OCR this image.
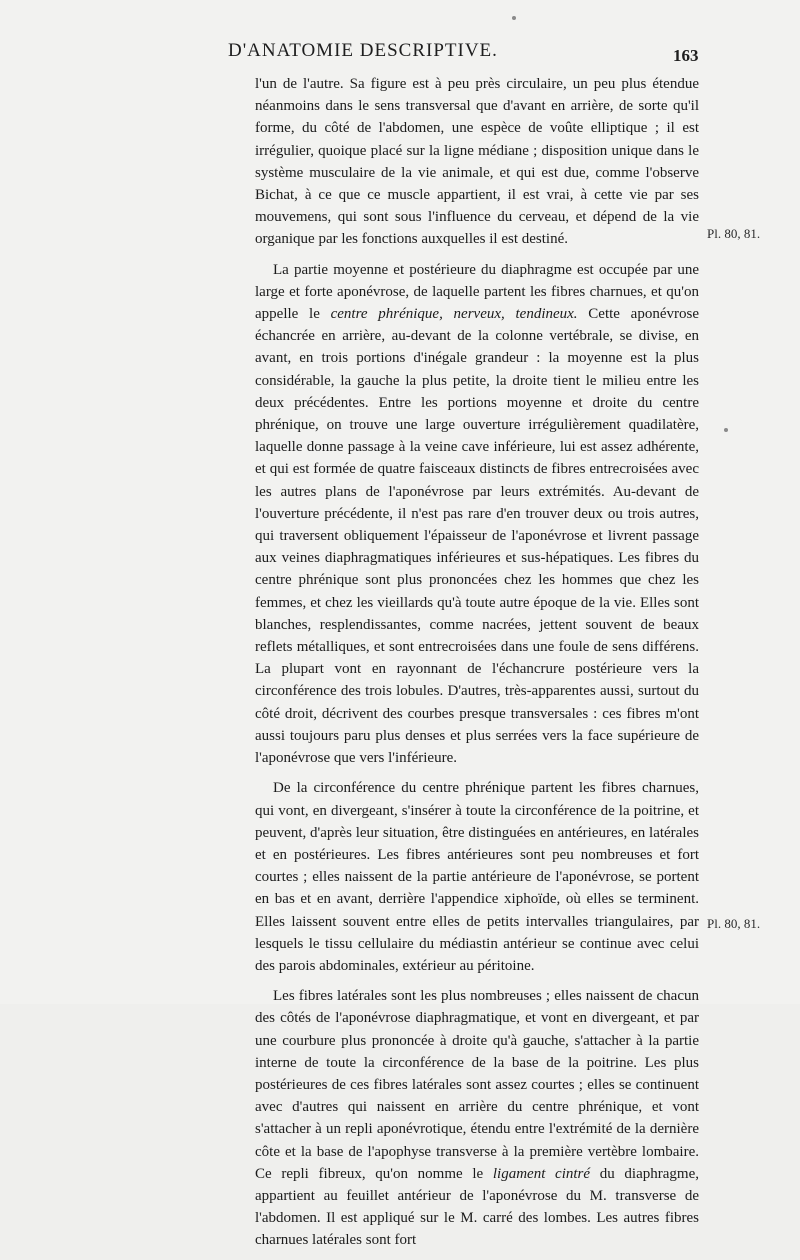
D'ANATOMIE DESCRIPTIVE.	163

l'un de l'autre. Sa figure est à peu près circulaire, un peu plus étendue néanmoins dans le sens transversal que d'avant en arrière, de sorte qu'il forme, du côté de l'abdomen, une espèce de voûte elliptique ; il est irrégulier, quoique placé sur la ligne médiane ; disposition unique dans le système musculaire de la vie animale, et qui est due, comme l'observe Bichat, à ce que ce muscle appartient, il est vrai, à cette vie par ses mouvemens, qui sont sous l'influence du cerveau, et dépend de la vie organique par les fonctions auxquelles il est destiné.

La partie moyenne et postérieure du diaphragme est occupée par une large et forte aponévrose, de laquelle partent les fibres charnues, et qu'on appelle le centre phrénique, nerveux, tendineux. Cette aponévrose échancrée en arrière, au-devant de la colonne vertébrale, se divise, en avant, en trois portions d'inégale grandeur : la moyenne est la plus considérable, la gauche la plus petite, la droite tient le milieu entre les deux précédentes. Entre les portions moyenne et droite du centre phrénique, on trouve une large ouverture irrégulièrement quadilatère, laquelle donne passage à la veine cave inférieure, lui est assez adhérente, et qui est formée de quatre faisceaux distincts de fibres entrecroisées avec les autres plans de l'aponévrose par leurs extrémités. Au-devant de l'ouverture précédente, il n'est pas rare d'en trouver deux ou trois autres, qui traversent obliquement l'épaisseur de l'aponévrose et livrent passage aux veines diaphragmatiques inférieures et sus-hépatiques. Les fibres du centre phrénique sont plus prononcées chez les hommes que chez les femmes, et chez les vieillards qu'à toute autre époque de la vie. Elles sont blanches, resplendissantes, comme nacrées, jettent souvent de beaux reflets métalliques, et sont entrecroisées dans une foule de sens différens. La plupart vont en rayonnant de l'échancrure postérieure vers la circonférence des trois lobules. D'autres, très-apparentes aussi, surtout du côté droit, décrivent des courbes presque transversales : ces fibres m'ont aussi toujours paru plus denses et plus serrées vers la face supérieure de l'aponévrose que vers l'inférieure.

De la circonférence du centre phrénique partent les fibres charnues, qui vont, en divergeant, s'insérer à toute la circonférence de la poitrine, et peuvent, d'après leur situation, être distinguées en antérieures, en latérales et en postérieures. Les fibres antérieures sont peu nombreuses et fort courtes ; elles naissent de la partie antérieure de l'aponévrose, se portent en bas et en avant, derrière l'appendice xiphoïde, où elles se terminent. Elles laissent souvent entre elles de petits intervalles triangulaires, par lesquels le tissu cellulaire du médiastin antérieur se continue avec celui des parois abdominales, extérieur au péritoine.

Les fibres latérales sont les plus nombreuses ; elles naissent de chacun des côtés de l'aponévrose diaphragmatique, et vont en divergeant, et par une courbure plus prononcée à droite qu'à gauche, s'attacher à la partie interne de toute la circonférence de la base de la poitrine. Les plus postérieures de ces fibres latérales sont assez courtes ; elles se continuent avec d'autres qui naissent en arrière du centre phrénique, et vont s'attacher à un repli aponévrotique, étendu entre l'extrémité de la dernière côte et la base de l'apophyse transverse à la première vertèbre lombaire. Ce repli fibreux, qu'on nomme le ligament cintré du diaphragme, appartient au feuillet antérieur de l'aponévrose du M. transverse de l'abdomen. Il est appliqué sur le M. carré des lombes. Les autres fibres charnues latérales sont fort

Pl. 80, 81.
Pl. 80, 81.
